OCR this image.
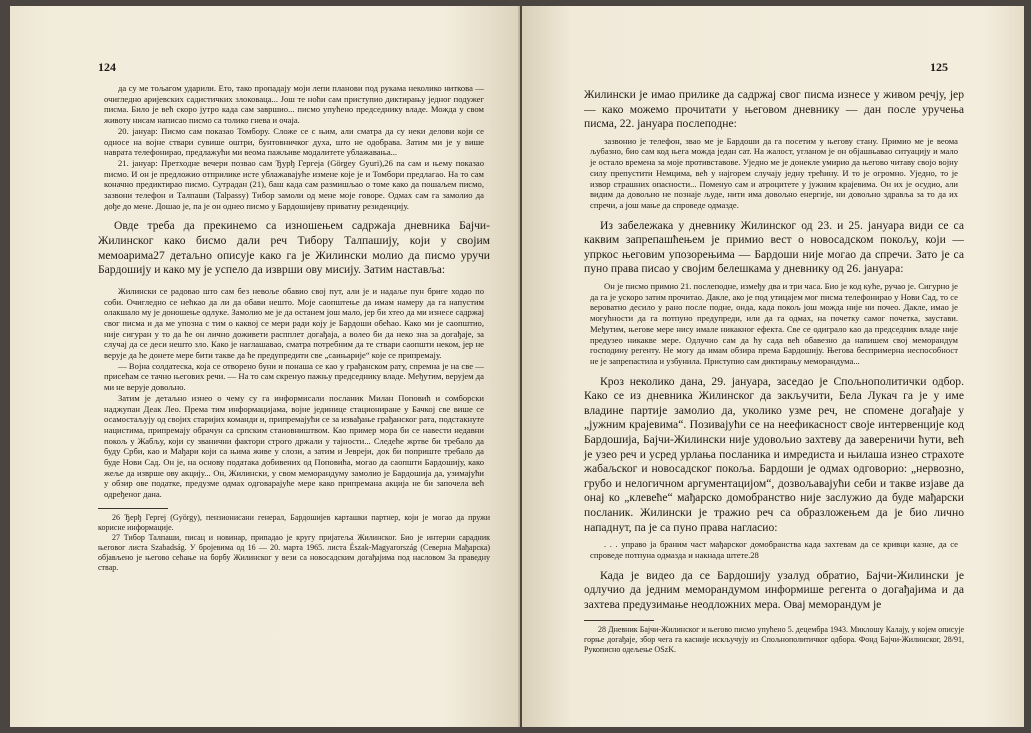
124

да су ме тољагом ударили. Ето, тако пропадају моји лепи планови под рукама неколико ниткова — очигледно аријевских садистичких злоковаца... Још те ноћи сам приступио диктирању једног подужег писма. Било је већ скоро јутро када сам завршио... писмо упућено председнику владе. Можда у свом животу нисам написао писмо са толико гнева и очаја.

20. јануар: Писмо сам показао Томбору. Сложе се с њим, али сматра да су неки делови који се односе на војне ствари сувише оштри, бунтовничког духа, што не одобрава. Затим ми је у више наврата телефонирао, предлажући ми веома пажљиве модалитете ублажавања...

21. јануар: Претходне вечери позвао сам Ђурђ Гергеја (Görgey Gyuri),26 па сам и њему показао писмо. И он је предложио отприлике исте ублажавајуће измене које је и Томбори предлагао. На то сам коначно предиктирао писмо. Сутрадан (21), баш када сам размишљао о томе како да пошаљем писмо, зазвони телефон и Талпаши (Talpassy) Тибор замоли од мене моје говоре. Одмах сам га замолио да дође до мене. Дошао је, па је он однео писмо у Бардошијеву приватну резиденцију.

Овде треба да прекинемо са изношењем садржаја дневника Бајчи-Жилинског како бисмо дали реч Тибору Талпашију, који у својим мемоарима27 детаљно описује како га је Жилински молио да писмо уручи Бардошију и како му је успело да изврши ову мисију. Затим наставља:

Жилински се радовао што сам без невоље обавио свој пут, али је и надаље пун бриге ходао по соби. Очигледно се нећкао да ли да обави нешто. Моје саопштење да имам намеру да га напустим олакшало му је доношење одлуке. Замолио ме је да останем још мало, јер би хтео да ми изнесе садржај свог писма и да ме упозна с тим о каквој се мери ради коју је Бардоши обећао. Како ми је саопштио, није сигуран у то да ће он лично доживети распплет догађаја, а волео би да неко зна за догађаје, за случај да се деси нешто зло. Како је наглашавао, сматра потребним да те ствари саопшти неком, јер не верује да ће донете мере бити такве да ће предупредити све „саињарије“ које се припремају.

— Војна солдатеска, која се отворено буни и понаша се као у грађанском рату, спремна је на све — присећам се тачно његових речи. — На то сам скренуо пажњу председнику владе. Међутим, верујем да ми не верује довољно.

Затим је детаљно изнео о чему су га информисали посланик Милан Поповић и сомборски наджупан Деак Лео. Према тим информацијама, војне јединице стациониране у Бачкој све више се осамостаљују од својих старијих команди и, припремајући се за извађање грађанског рата, подстакнуте нацистима, припремају обрачун са српским становништвом. Као пример мора би се навести недавни покољ у Жабљу, који су званични фактори строго држали у тајности... Следеће жртве би требало да буду Срби, као и Мађари који са њима живе у слози, а затим и Јевреји, док би поприште требало да буде Нови Сад. Он је, на основу података добивених од Поповића, могао да саопшти Бардошију, како жеље да изврше ову акцију... Он, Жилински, у свом меморандуму замолио је Бардошија да, узимајући у обзир ове податке, предузме одмах одговарајуће мере како припремана акција не би започела већ одређеног дана.

26 Ђерђ Гергеј (György), пензионисани генерал, Бардошијев карташки партнер, који је могао да пружи корисне информације.

27 Тибор Талпаши, писац и новинар, припадао је кругу пријатеља Жилинског. Био је интерни сарадник његовог листа Szabadság. У бројевима од 16 — 20. марта 1965. листа Észak-Magyarország (Северна Мађарска) објављено је његово сећање на борбу Жилинског у вези са новосадским догађајима под насловом За праведну ствар.

125

Жилински је имао прилике да садржај свог писма изнесе у живом речју, јер — како можемо прочитати у његовом дневнику — дан после уручења писма, 22. јануара послеподне:

зазвонио је телефон, зваo ме је Бардоши да га посетим у његову стану. Примио ме је веома љубазно, био сам код њега можда један сат. На жалост, угланом је он објашњавао ситуацију и мало је остало времена за моје противставове. Уједно ме је донекле умирио да његово читаву својо војну силу препустити Немцима, већ у најгорем случају једну трећину. И то је огромно. Уједно, то је извор страшних опасности... Поменуо сам и атроцитете у јужним крајевима. Он их је осудио, али видим да довољно не познаје људе, нити има довољно енергије, ни довољно здравља за то да их спречи, а још мање да спроведе одмазде.

Из забележака у дневнику Жилинског од 23. и 25. јануара види се са каквим запрепашћењем је примио вест о новосадском покољу, који — упркос његовим упозорењима — Бардоши није могао да спречи. Зато је са пуно права писао у својим белешкама у дневнику од 26. јануара:

Он је писмо примио 21. послеподне, између два и три часа. Био је код куће, ручао је. Сигурно је да га је ускоро затим прочитао. Дакле, ако је под утицајем мог писма телефонирао у Нови Сад, то се вероватно десило у рано после подне, онда, када покољ још можда није ни почео. Дакле, имао је могућности да га потпуно предупреди, или да га одмах, на почетку самог почетка, заустави. Међутим, његове мере нису имале никакног ефекта. Све се одиграло као да председник владе није предузео никакве мере. Одлучио сам да ћу сада већ обавезно да напишем свој меморандум господину регенту. Не могу да имам обзира према Бардошију. Његова беспримерна неспособност не је запрепастила и узбунила. Приступио сам диктирању меморандума...

Кроз неколико дана, 29. јануара, заседао је Спољнополитички одбор. Како се из дневника Жилинског да закључити, Бела Лукач га је у име владине партије замолио да, уколико узме реч, не спомене догађаје у „јужним крајевима“. Позивајући се на неефикасност своје интервенције код Бардошија, Бајчи-Жилински није удовољио захтеву да завереничи ћути, већ је узео реч и усред урлања посланика и имредиста и њилаша изнео страхоте жабаљског и новосадског покоља. Бардоши је одмах одговорио: „нервозно, грубо и нелогичном аргументацијом“, дозвољавајући себи и такве изјаве да онај ко „клевеће“ мађарско домобранство није заслужио да буде мађарски посланик. Жилински је тражио реч са образложењем да је био лично нападнут, па је са пуно права нагласио:

. . . управо ја браним част мађарског домобранства када захтевам да се кривци казне, да се спроведе потпуна одмазда и накнада штете.28

Када је видео да се Бардошију узалуд обратио, Бајчи-Жилински је одлучио да једним меморандумом информише регента о догађајима и да захтева предузимање неодложних мера. Овај меморандум је

28 Дневник Бајчи-Жилинског и његово писмо упућено 5. децембра 1943. Миклошу Калају, у којем описује горње догађаје, збор чега га касније искључују из Спољнополитичког одбора. Фонд Бајчи-Жилинског, 28/91, Рукописно одељење OSzK.
